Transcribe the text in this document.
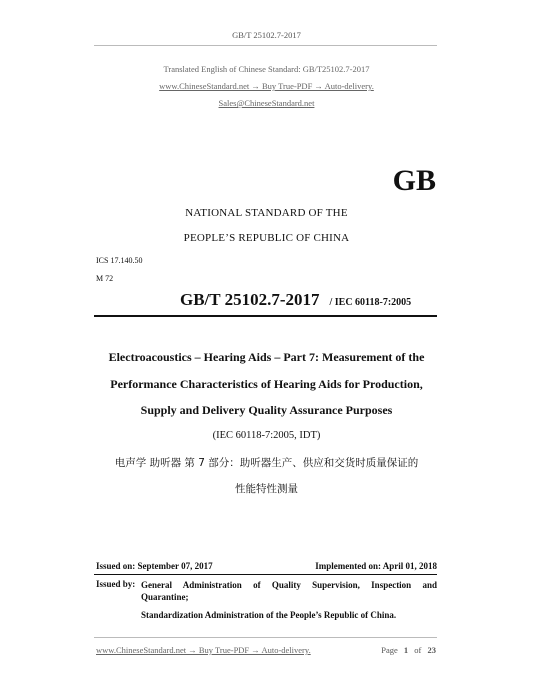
GB/T 25102.7-2017
Translated English of Chinese Standard: GB/T25102.7-2017
www.ChineseStandard.net → Buy True-PDF → Auto-delivery.
Sales@ChineseStandard.net
GB
NATIONAL STANDARD OF THE
PEOPLE’S REPUBLIC OF CHINA
ICS 17.140.50
M 72
GB/T 25102.7-2017 / IEC 60118-7:2005
Electroacoustics – Hearing Aids – Part 7: Measurement of the
Performance Characteristics of Hearing Aids for Production,
Supply and Delivery Quality Assurance Purposes
(IEC 60118-7:2005, IDT)
电声学 助听器 第 7 部分：助听器生产、供应和交货时质量保证的
性能特性测量
Issued on: September 07, 2017	Implemented on: April 01, 2018
Issued by: General Administration of Quality Supervision, Inspection and
Quarantine;
Standardization Administration of the People’s Republic of China.
www.ChineseStandard.net → Buy True-PDF → Auto-delivery.	Page 1 of 23
